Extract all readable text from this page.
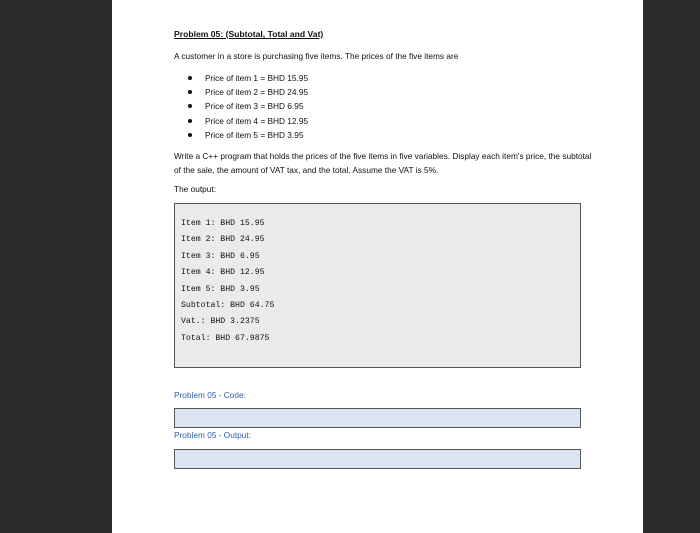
Problem 05: (Subtotal, Total and Vat)
A customer in a store is purchasing five items. The prices of the five items are
Price of item 1 = BHD 15.95
Price of item 2 = BHD 24.95
Price of item 3 = BHD 6.95
Price of item 4 = BHD 12.95
Price of item 5 = BHD 3.95
Write a C++ program that holds the prices of the five items in five variables. Display each item's price, the subtotal of the sale, the amount of VAT tax, and the total. Assume the VAT is 5%.
The output:
Item 1: BHD 15.95
Item 2: BHD 24.95
Item 3: BHD 6.95
Item 4: BHD 12.95
Item 5: BHD 3.95
Subtotal: BHD 64.75
Vat.: BHD 3.2375
Total: BHD 67.9875
Problem 05 - Code:
Problem 05 - Output:
